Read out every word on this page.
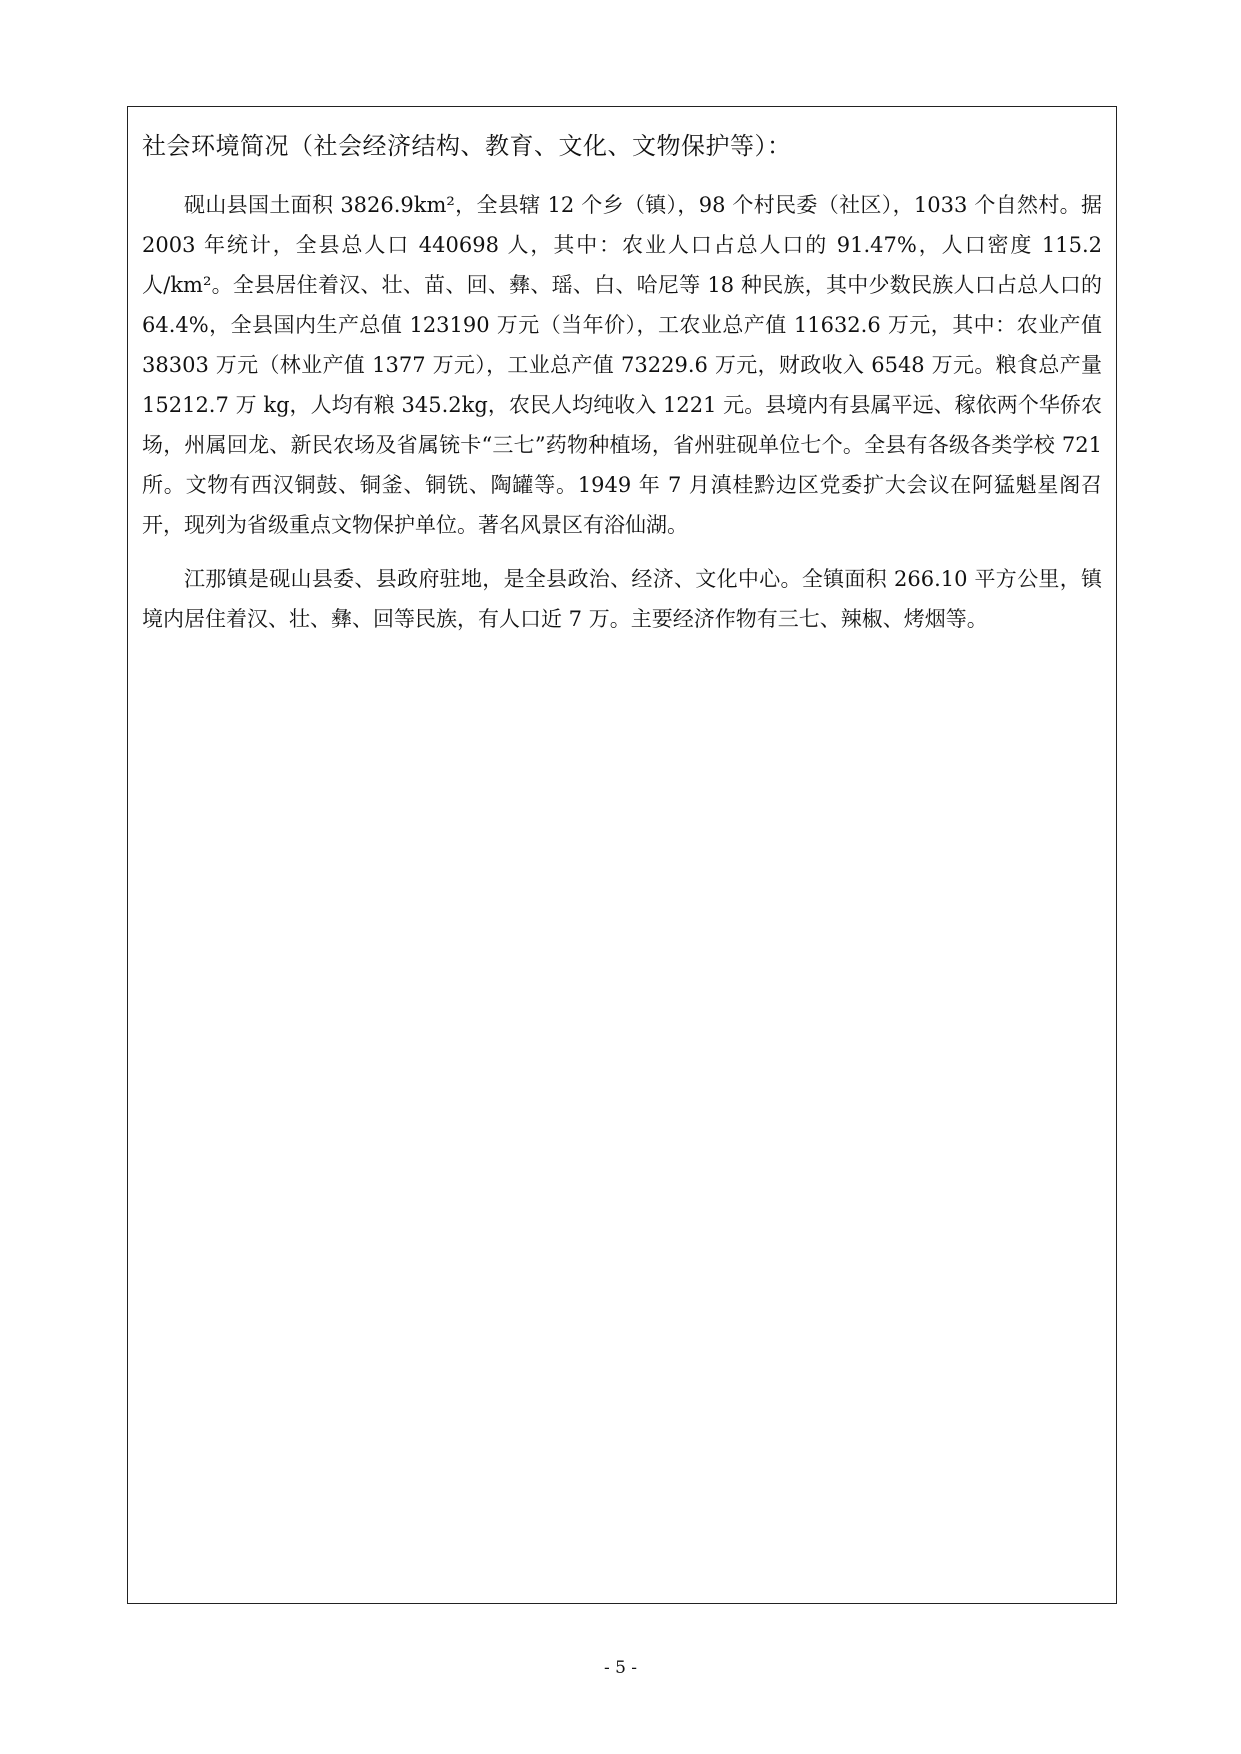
社会环境简况（社会经济结构、教育、文化、文物保护等）：

砚山县国土面积 3826.9km²，全县辖 12 个乡（镇），98 个村民委（社区），1033 个自然村。据 2003 年统计，全县总人口 440698 人，其中：农业人口占总人口的 91.47%，人口密度 115.2 人/km²。全县居住着汉、壮、苗、回、彝、瑶、白、哈尼等 18 种民族，其中少数民族人口占总人口的 64.4%，全县国内生产总值 123190 万元（当年价），工农业总产值 11632.6 万元，其中：农业产值 38303 万元（林业产值 1377 万元），工业总产值 73229.6 万元，财政收入 6548 万元。粮食总产量 15212.7 万 kg，人均有粮 345.2kg，农民人均纯收入 1221 元。县境内有县属平远、稼依两个华侨农场，州属回龙、新民农场及省属铳卡“三七”药物种植场，省州驻砚单位七个。全县有各级各类学校 721 所。文物有西汉铜鼓、铜釜、铜铣、陶罐等。1949 年 7 月滇桂黔边区党委扩大会议在阿猛魁星阁召开，现列为省级重点文物保护单位。著名风景区有浴仙湖。

江那镇是砚山县委、县政府驻地，是全县政治、经济、文化中心。全镇面积 266.10 平方公里，镇境内居住着汉、壮、彝、回等民族，有人口近 7 万。主要经济作物有三七、辣椒、烤烟等。

- 5 -
